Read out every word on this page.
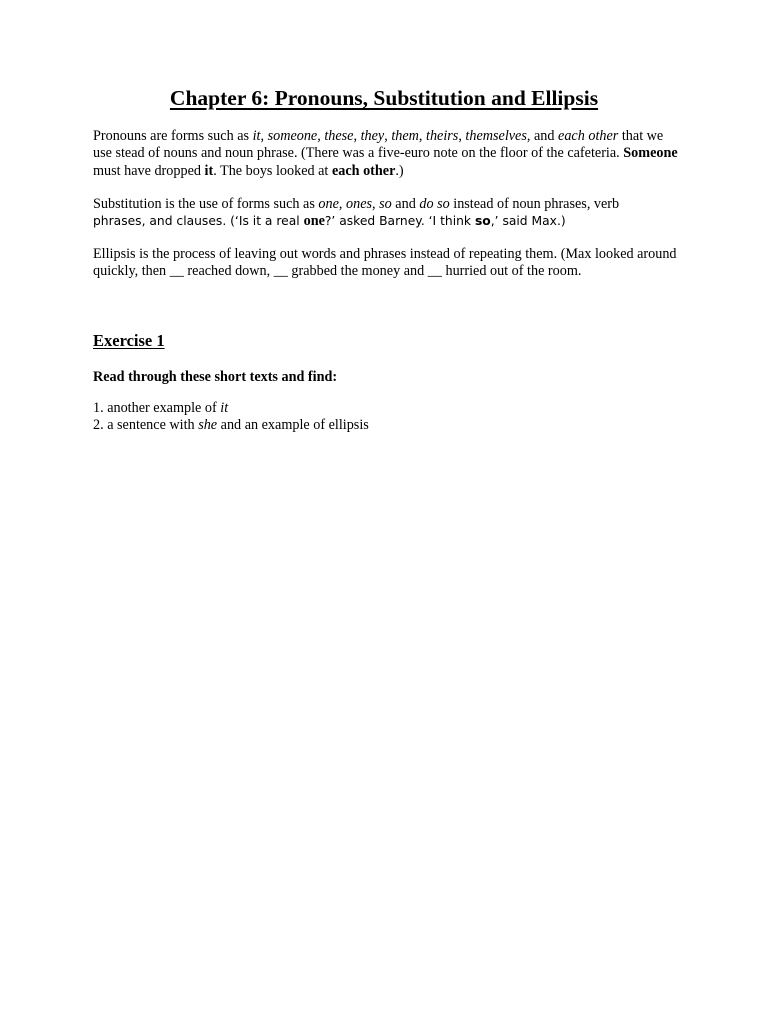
Chapter 6: Pronouns, Substitution and Ellipsis

Pronouns are forms such as it, someone, these, they, them, theirs, themselves, and each other that we use stead of nouns and noun phrase. (There was a five-euro note on the floor of the cafeteria. Someone must have dropped it. The boys looked at each other.)

Substitution is the use of forms such as one, ones, so and do so instead of noun phrases, verb
phrases, and clauses. (‘Is it a real one?’ asked Barney. ‘I think so,’ said Max.)

Ellipsis is the process of leaving out words and phrases instead of repeating them. (Max looked around quickly, then __ reached down, __ grabbed the money and __ hurried out of the room.

Exercise 1

Read through these short texts and find:

1. another example of it
2. a sentence with she and an example of ellipsis
